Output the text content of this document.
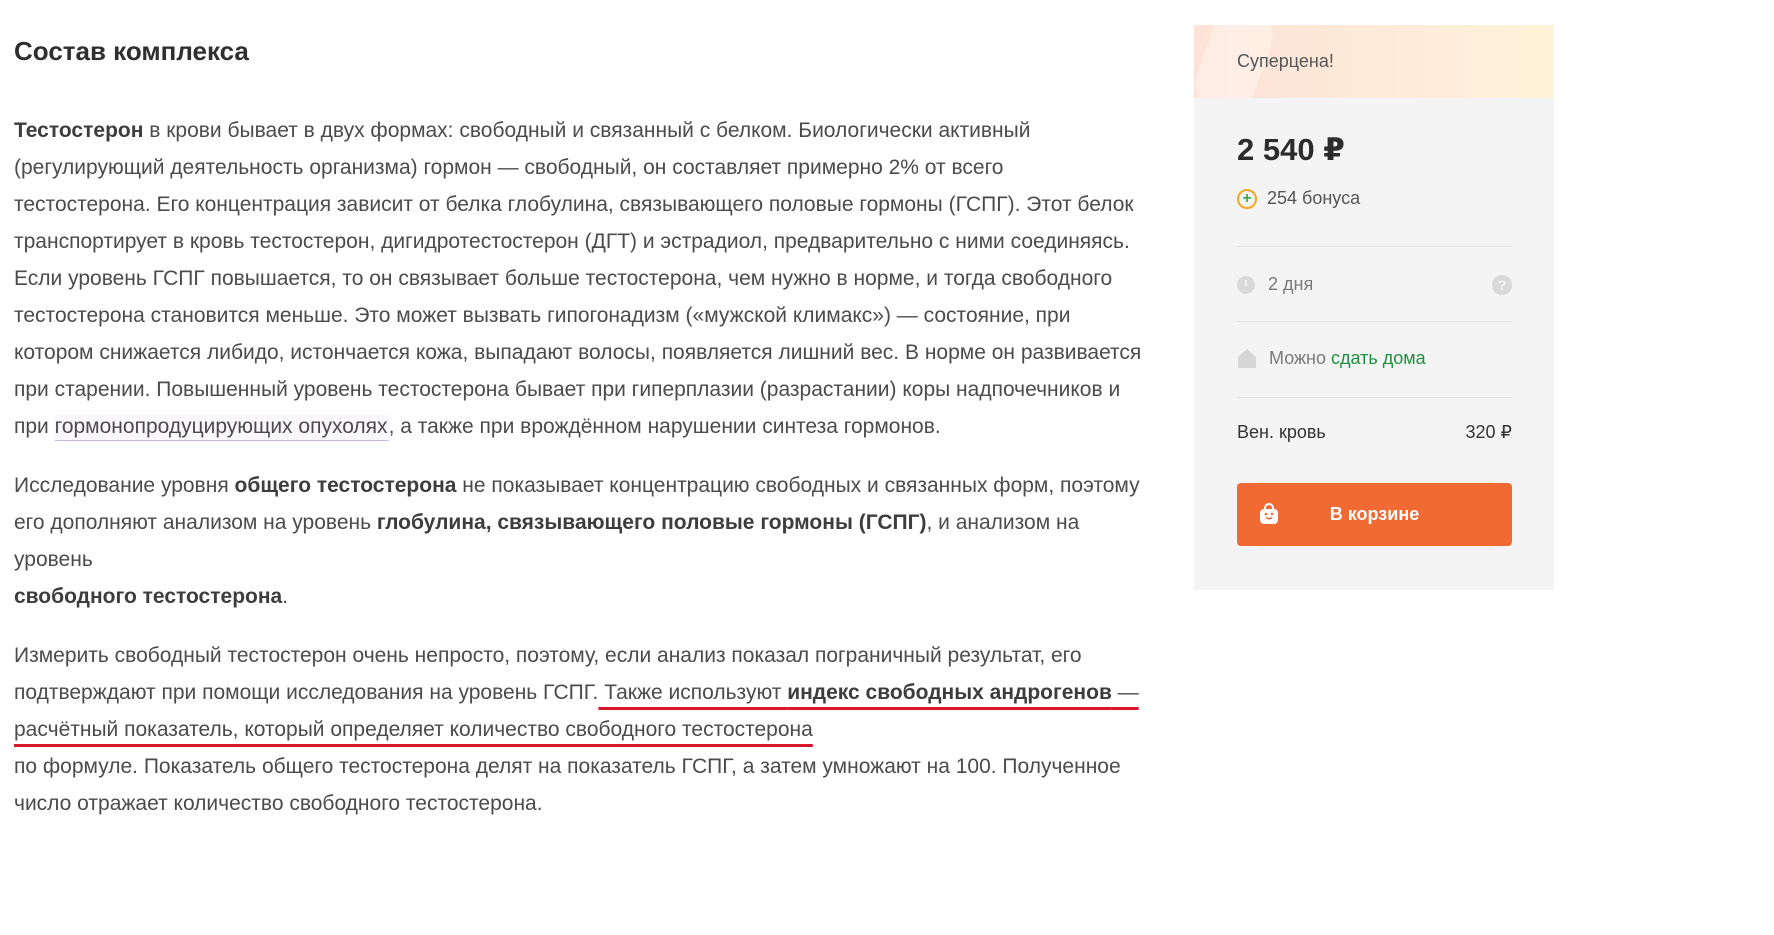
Состав комплекса

Тестостерон в крови бывает в двух формах: свободный и связанный с белком. Биологически активный (регулирующий деятельность организма) гормон — свободный, он составляет примерно 2% от всего тестостерона. Его концентрация зависит от белка глобулина, связывающего половые гормоны (ГСПГ). Этот белок транспортирует в кровь тестостерон, дигидротестостерон (ДГТ) и эстрадиол, предварительно с ними соединяясь. Если уровень ГСПГ повышается, то он связывает больше тестостерона, чем нужно в норме, и тогда свободного тестостерона становится меньше. Это может вызвать гипогонадизм («мужской климакс») — состояние, при котором снижается либидо, истончается кожа, выпадают волосы, появляется лишний вес. В норме он развивается при старении. Повышенный уровень тестостерона бывает при гиперплазии (разрастании) коры надпочечников и при гормонопродуцирующих опухолях, а также при врождённом нарушении синтеза гормонов.

Исследование уровня общего тестостерона не показывает концентрацию свободных и связанных форм, поэтому его дополняют анализом на уровень глобулина, связывающего половые гормоны (ГСПГ), и анализом на уровень
свободного тестостерона.

Измерить свободный тестостерон очень непросто, поэтому, если анализ показал пограничный результат, его подтверждают при помощи исследования на уровень ГСПГ. Также используют индекс свободных андрогенов — расчётный показатель, который определяет количество свободного тестостерона
по формуле. Показатель общего тестостерона делят на показатель ГСПГ, а затем умножают на 100. Полученное число отражает количество свободного тестостерона.

Суперцена!
2 540 ₽
+ 254 бонуса
2 дня	?
Можно сдать дома
Вен. кровь	320 ₽
В корзине
